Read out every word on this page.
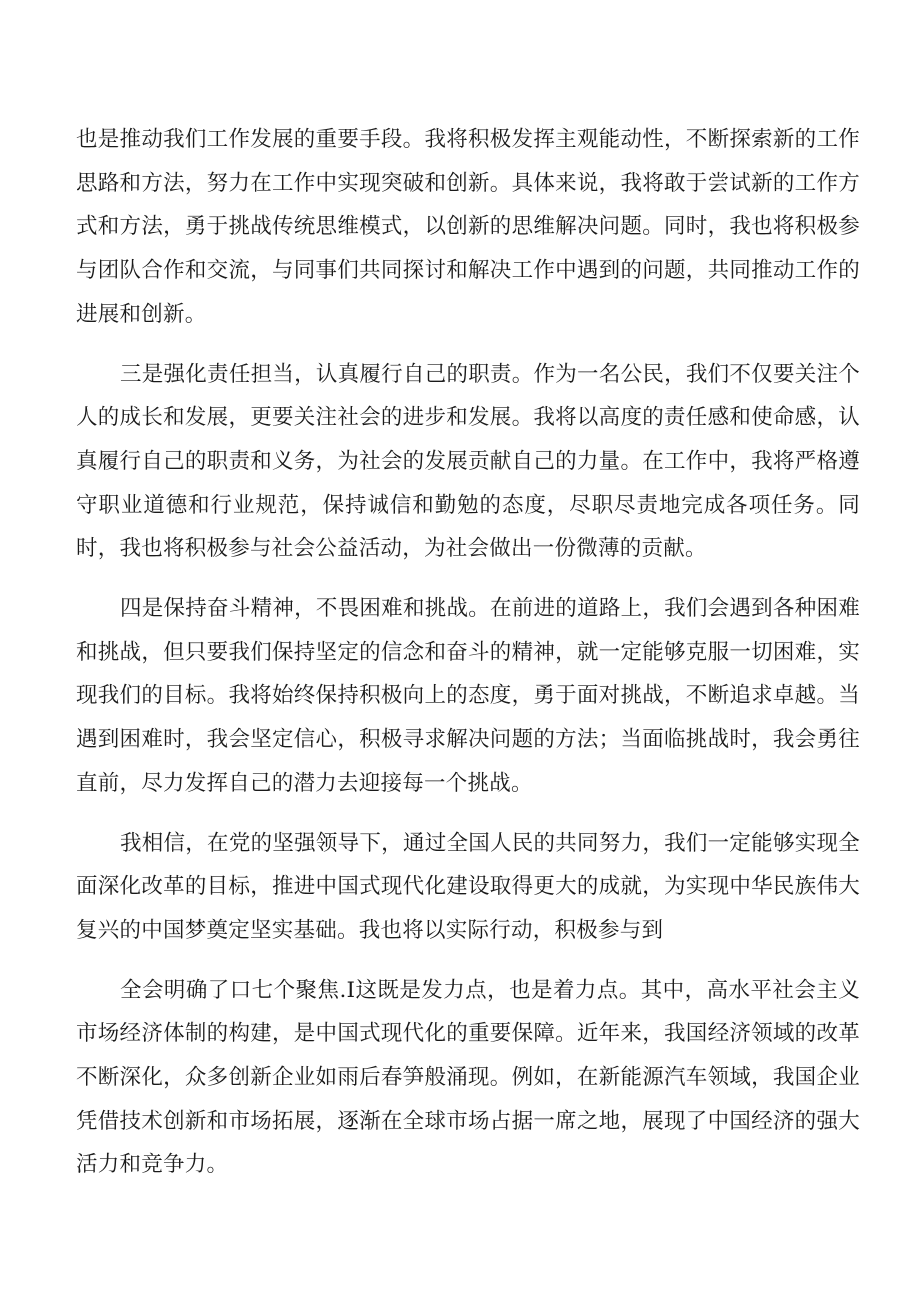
也是推动我们工作发展的重要手段。我将积极发挥主观能动性，不断探索新的工作思路和方法，努力在工作中实现突破和创新。具体来说，我将敢于尝试新的工作方式和方法，勇于挑战传统思维模式，以创新的思维解决问题。同时，我也将积极参与团队合作和交流，与同事们共同探讨和解决工作中遇到的问题，共同推动工作的进展和创新。

三是强化责任担当，认真履行自己的职责。作为一名公民，我们不仅要关注个人的成长和发展，更要关注社会的进步和发展。我将以高度的责任感和使命感，认真履行自己的职责和义务，为社会的发展贡献自己的力量。在工作中，我将严格遵守职业道德和行业规范，保持诚信和勤勉的态度，尽职尽责地完成各项任务。同时，我也将积极参与社会公益活动，为社会做出一份微薄的贡献。

四是保持奋斗精神，不畏困难和挑战。在前进的道路上，我们会遇到各种困难和挑战，但只要我们保持坚定的信念和奋斗的精神，就一定能够克服一切困难，实现我们的目标。我将始终保持积极向上的态度，勇于面对挑战，不断追求卓越。当遇到困难时，我会坚定信心，积极寻求解决问题的方法；当面临挑战时，我会勇往直前，尽力发挥自己的潜力去迎接每一个挑战。

我相信，在党的坚强领导下，通过全国人民的共同努力，我们一定能够实现全面深化改革的目标，推进中国式现代化建设取得更大的成就，为实现中华民族伟大复兴的中国梦奠定坚实基础。我也将以实际行动，积极参与到

全会明确了口七个聚焦.I这既是发力点，也是着力点。其中，高水平社会主义市场经济体制的构建，是中国式现代化的重要保障。近年来，我国经济领域的改革不断深化，众多创新企业如雨后春笋般涌现。例如，在新能源汽车领域，我国企业凭借技术创新和市场拓展，逐渐在全球市场占据一席之地，展现了中国经济的强大活力和竞争力。
